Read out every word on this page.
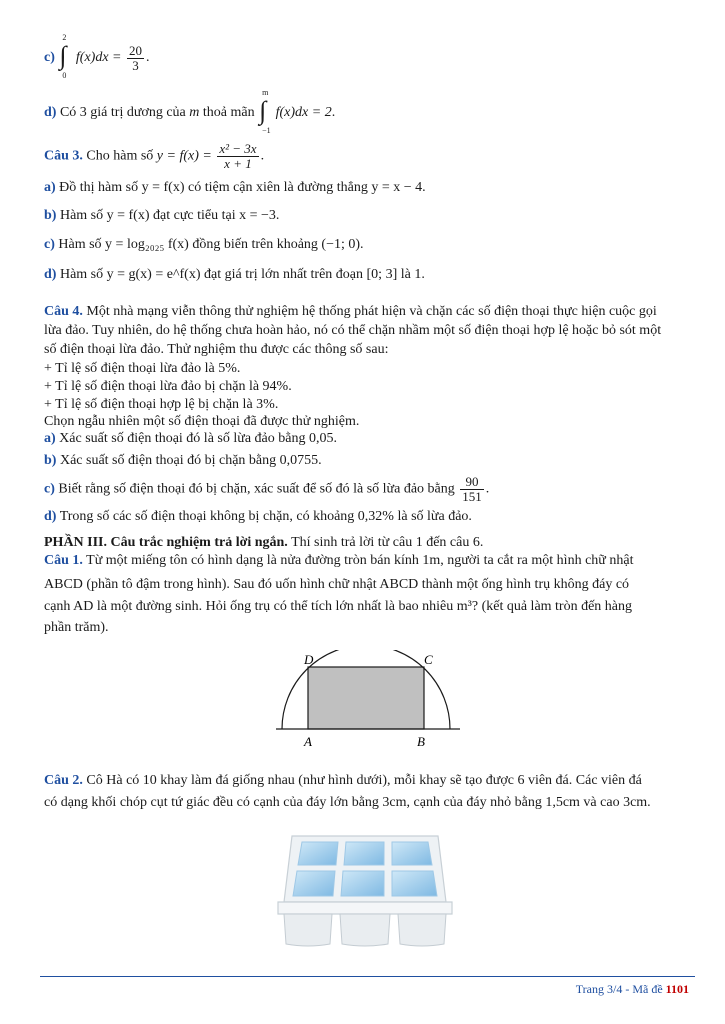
c)
2
∫
0
$f(x)dx = \frac{20}{3}$ .
d) Có 3 giá trị dương của m thoả mãn
m
∫
−1
f(x)dx = 2.
Câu 3. Cho hàm số $y = f(x) = \frac{\text{x² − 3x}}{x + 1}$ .
a) Đồ thị hàm số y = f(x) có tiệm cận xiên là đường thẳng y = x − 4.
b) Hàm số y = f(x) đạt cực tiểu tại x = −3.
c) Hàm số y = log₂₀₂₅ f(x) đồng biến trên khoảng (−1; 0).
d) Hàm số y = g(x) = e^f(x) đạt giá trị lớn nhất trên đoạn [0; 3] là 1.
Câu 4. Một nhà mạng viễn thông thử nghiệm hệ thống phát hiện và chặn các số điện thoại thực hiện cuộc gọi
lừa đảo. Tuy nhiên, do hệ thống chưa hoàn hảo, nó có thể chặn nhầm một số điện thoại hợp lệ hoặc bỏ sót một
số điện thoại lừa đảo. Thử nghiệm thu được các thông số sau:
+ Tỉ lệ số điện thoại lừa đảo là 5%.
+ Tỉ lệ số điện thoại lừa đảo bị chặn là 94%.
+ Tỉ lệ số điện thoại hợp lệ bị chặn là 3%.
Chọn ngẫu nhiên một số điện thoại đã được thử nghiệm.
a) Xác suất số điện thoại đó là số lừa đảo bằng 0,05.
b) Xác suất số điện thoại đó bị chặn bằng 0,0755.
c) Biết rằng số điện thoại đó bị chặn, xác suất để số đó là số lừa đảo bằng $\frac{90}{151}$ .
d) Trong số các số điện thoại không bị chặn, có khoảng 0,32% là số lừa đảo.
PHẦN III. Câu trắc nghiệm trả lời ngắn. Thí sinh trả lời từ câu 1 đến câu 6.
Câu 1. Từ một miếng tôn có hình dạng là nửa đường tròn bán kính 1m, người ta cắt ra một hình chữ nhật
ABCD (phần tô đậm trong hình). Sau đó uốn hình chữ nhật ABCD thành một ống hình trụ không đáy có
cạnh AD là một đường sinh. Hỏi ống trụ có thể tích lớn nhất là bao nhiêu m³? (kết quả làm tròn đến hàng
phần trăm).
D	C
A	B
Câu 2. Cô Hà có 10 khay làm đá giống nhau (như hình dưới), mỗi khay sẽ tạo được 6 viên đá. Các viên đá
có dạng khối chóp cụt tứ giác đều có cạnh của đáy lớn bằng 3cm, cạnh của đáy nhỏ bằng 1,5cm và cao 3cm.
Trang 3/4 - Mã đề 1101
